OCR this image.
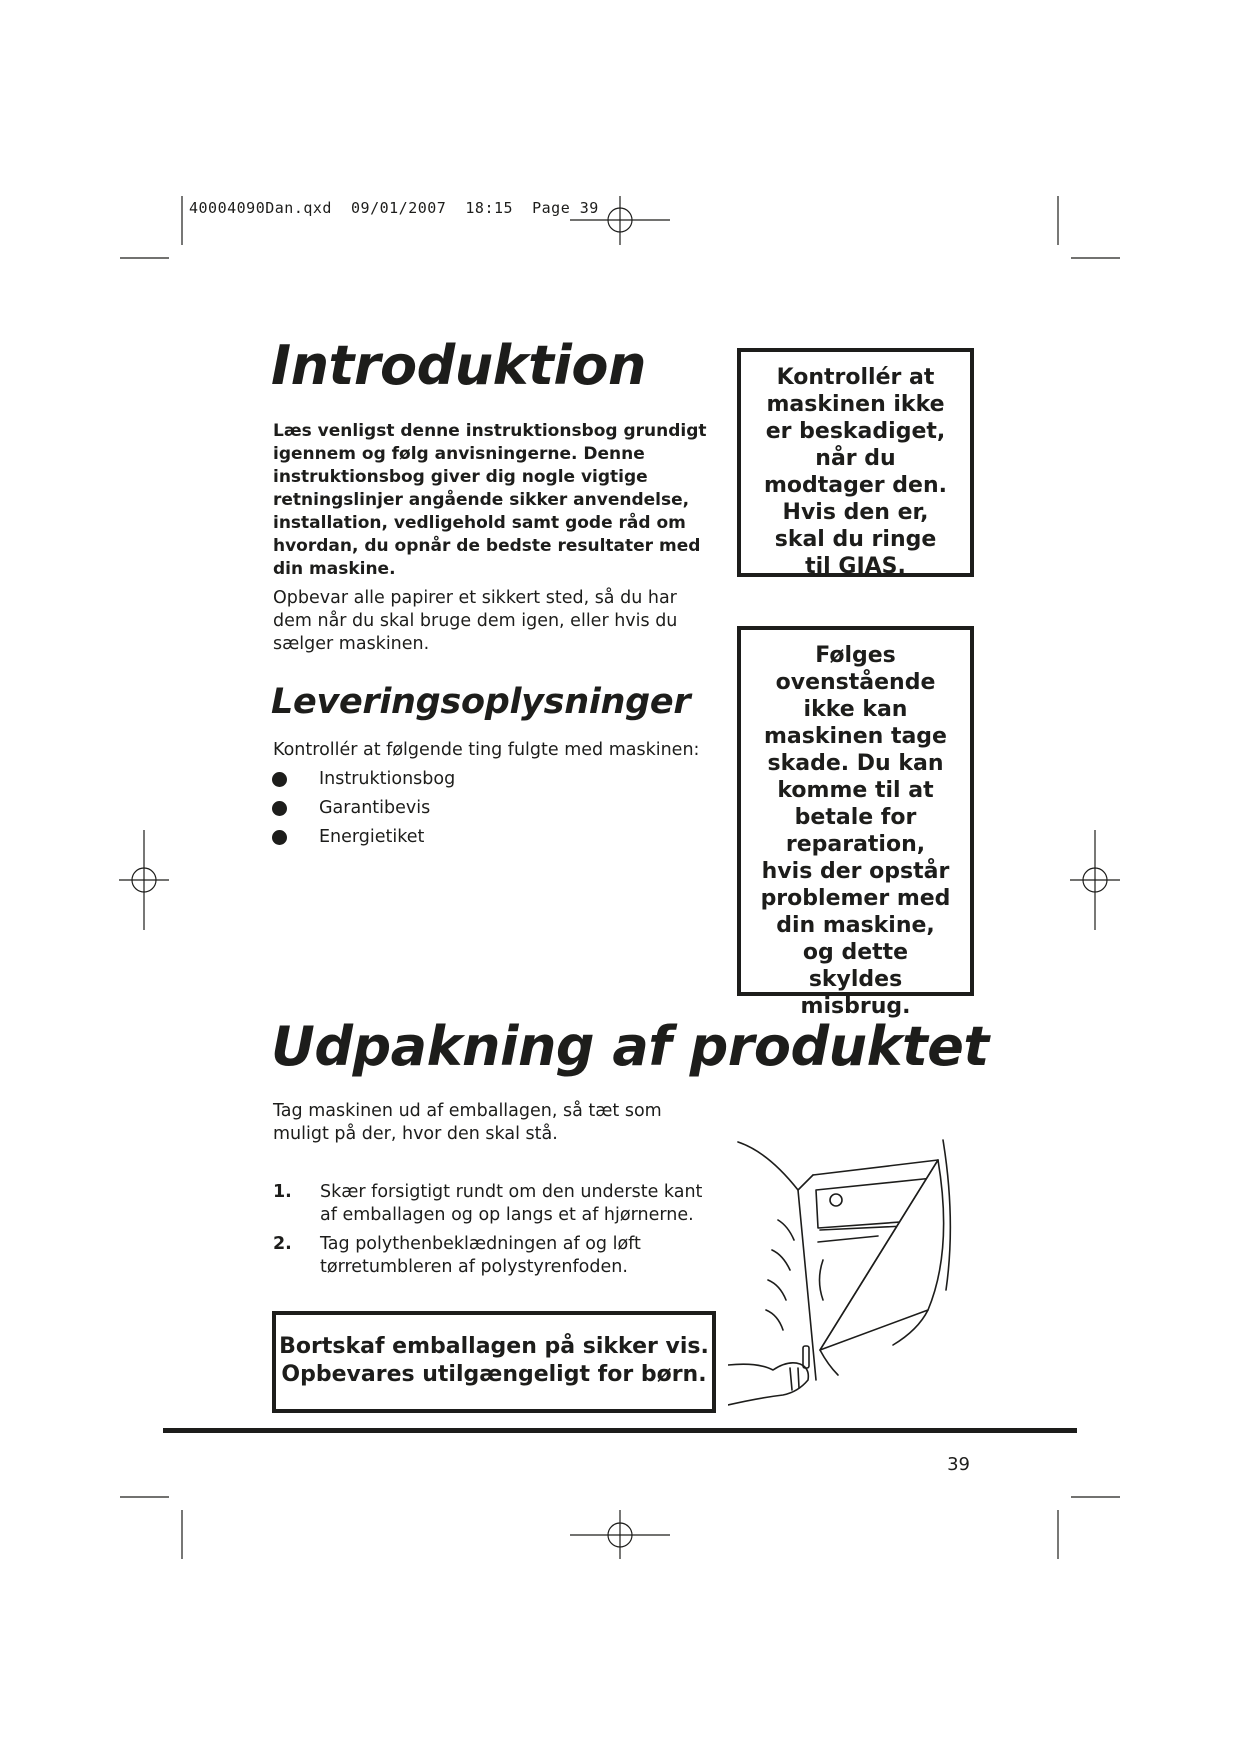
40004090Dan.qxd  09/01/2007  18:15  Page 39
Introduktion
Læs venligst denne instruktionsbog grundigt igennem og følg anvisningerne. Denne instruktionsbog giver dig nogle vigtige retningslinjer angående sikker anvendelse, installation, vedligehold samt gode råd om hvordan, du opnår de bedste resultater med din maskine.
Opbevar alle papirer et sikkert sted, så du har dem når du skal bruge dem igen, eller hvis du sælger maskinen.
Leveringsoplysninger
Kontrollér at følgende ting fulgte med maskinen:
Instruktionsbog
Garantibevis
Energietiket
Kontrollér at maskinen ikke er beskadiget, når du modtager den. Hvis den er, skal du ringe til GIAS.
Følges ovenstående ikke kan maskinen tage skade. Du kan komme til at betale for reparation, hvis der opstår problemer med din maskine, og dette skyldes misbrug.
Udpakning af produktet
Tag maskinen ud af emballagen, så tæt som muligt på der, hvor den skal stå.
1. Skær forsigtigt rundt om den underste kant af emballagen og op langs et af hjørnerne.
2. Tag polythenbeklædningen af og løft tørretumbleren af polystyrenfoden.
Bortskaf emballagen på sikker vis. Opbevares utilgængeligt for børn.
39
